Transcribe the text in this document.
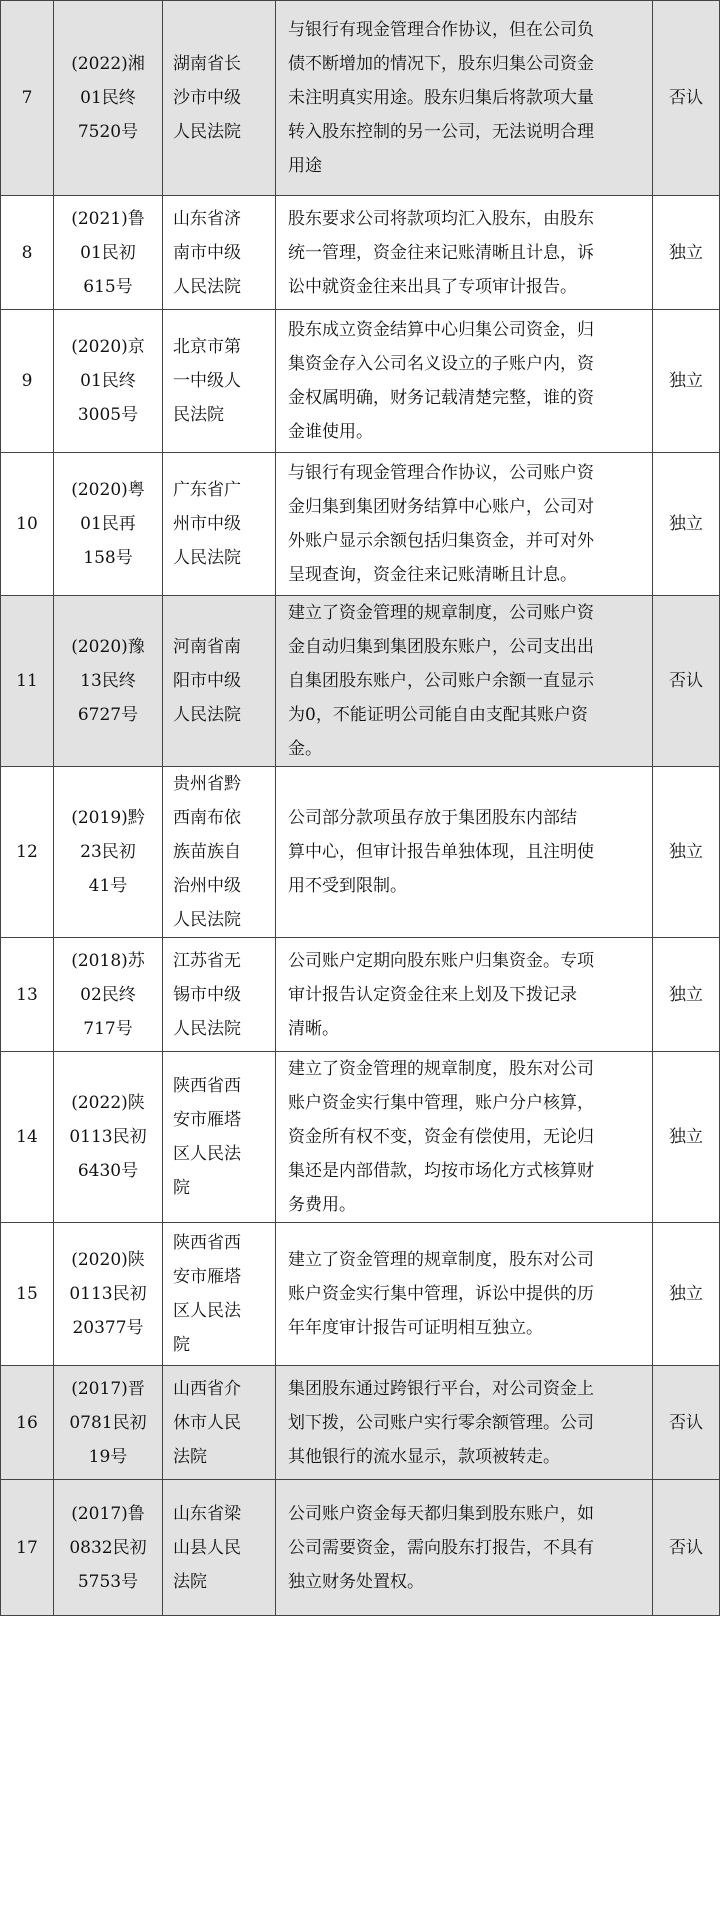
7	(2022)湘
01民终
7520号	湖南省长
沙市中级
人民法院	与银行有现金管理合作协议，但在公司负
债不断增加的情况下，股东归集公司资金
未注明真实用途。股东归集后将款项大量
转入股东控制的另一公司，无法说明合理
用途	否认
8	(2021)鲁
01民初
615号	山东省济
南市中级
人民法院	股东要求公司将款项均汇入股东，由股东
统一管理，资金往来记账清晰且计息，诉
讼中就资金往来出具了专项审计报告。	独立
9	(2020)京
01民终
3005号	北京市第
一中级人
民法院	股东成立资金结算中心归集公司资金，归
集资金存入公司名义设立的子账户内，资
金权属明确，财务记载清楚完整，谁的资
金谁使用。	独立
10	(2020)粤
01民再
158号	广东省广
州市中级
人民法院	与银行有现金管理合作协议，公司账户资
金归集到集团财务结算中心账户，公司对
外账户显示余额包括归集资金，并可对外
呈现查询，资金往来记账清晰且计息。	独立
11	(2020)豫
13民终
6727号	河南省南
阳市中级
人民法院	建立了资金管理的规章制度，公司账户资
金自动归集到集团股东账户，公司支出出
自集团股东账户，公司账户余额一直显示
为0，不能证明公司能自由支配其账户资
金。	否认
12	(2019)黔
23民初
41号	贵州省黔
西南布依
族苗族自
治州中级
人民法院	公司部分款项虽存放于集团股东内部结
算中心，但审计报告单独体现，且注明使
用不受到限制。	独立
13	(2018)苏
02民终
717号	江苏省无
锡市中级
人民法院	公司账户定期向股东账户归集资金。专项
审计报告认定资金往来上划及下拨记录
清晰。	独立
14	(2022)陕
0113民初
6430号	陕西省西
安市雁塔
区人民法
院	建立了资金管理的规章制度，股东对公司
账户资金实行集中管理，账户分户核算，
资金所有权不变，资金有偿使用，无论归
集还是内部借款，均按市场化方式核算财
务费用。	独立
15	(2020)陕
0113民初
20377号	陕西省西
安市雁塔
区人民法
院	建立了资金管理的规章制度，股东对公司
账户资金实行集中管理，诉讼中提供的历
年年度审计报告可证明相互独立。	独立
16	(2017)晋
0781民初
19号	山西省介
休市人民
法院	集团股东通过跨银行平台，对公司资金上
划下拨，公司账户实行零余额管理。公司
其他银行的流水显示，款项被转走。	否认
17	(2017)鲁
0832民初
5753号	山东省梁
山县人民
法院	公司账户资金每天都归集到股东账户，如
公司需要资金，需向股东打报告，不具有
独立财务处置权。	否认
